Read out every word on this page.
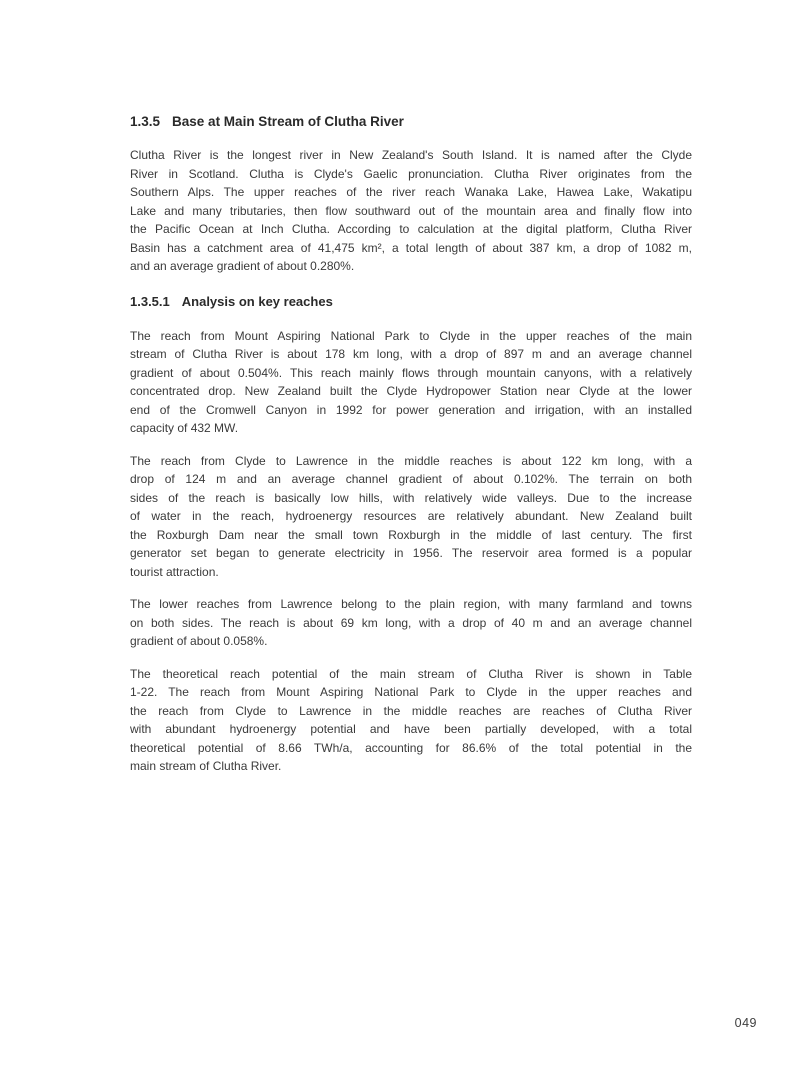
1.3.5 Base at Main Stream of Clutha River
Clutha River is the longest river in New Zealand's South Island. It is named after the Clyde
River in Scotland. Clutha is Clyde's Gaelic pronunciation. Clutha River originates from the
Southern Alps. The upper reaches of the river reach Wanaka Lake, Hawea Lake, Wakatipu
Lake and many tributaries, then flow southward out of the mountain area and finally flow into
the Pacific Ocean at Inch Clutha. According to calculation at the digital platform, Clutha River
Basin has a catchment area of 41,475 km², a total length of about 387 km, a drop of 1082 m,
and an average gradient of about 0.280%.
1.3.5.1 Analysis on key reaches
The reach from Mount Aspiring National Park to Clyde in the upper reaches of the main
stream of Clutha River is about 178 km long, with a drop of 897 m and an average channel
gradient of about 0.504%. This reach mainly flows through mountain canyons, with a relatively
concentrated drop. New Zealand built the Clyde Hydropower Station near Clyde at the lower
end of the Cromwell Canyon in 1992 for power generation and irrigation, with an installed
capacity of 432 MW.
The reach from Clyde to Lawrence in the middle reaches is about 122 km long, with a
drop of 124 m and an average channel gradient of about 0.102%. The terrain on both
sides of the reach is basically low hills, with relatively wide valleys. Due to the increase
of water in the reach, hydroenergy resources are relatively abundant. New Zealand built
the Roxburgh Dam near the small town Roxburgh in the middle of last century. The first
generator set began to generate electricity in 1956. The reservoir area formed is a popular
tourist attraction.
The lower reaches from Lawrence belong to the plain region, with many farmland and towns
on both sides. The reach is about 69 km long, with a drop of 40 m and an average channel
gradient of about 0.058%.
The theoretical reach potential of the main stream of Clutha River is shown in Table
1-22. The reach from Mount Aspiring National Park to Clyde in the upper reaches and
the reach from Clyde to Lawrence in the middle reaches are reaches of Clutha River
with abundant hydroenergy potential and have been partially developed, with a total
theoretical potential of 8.66 TWh/a, accounting for 86.6% of the total potential in the
main stream of Clutha River.
049
